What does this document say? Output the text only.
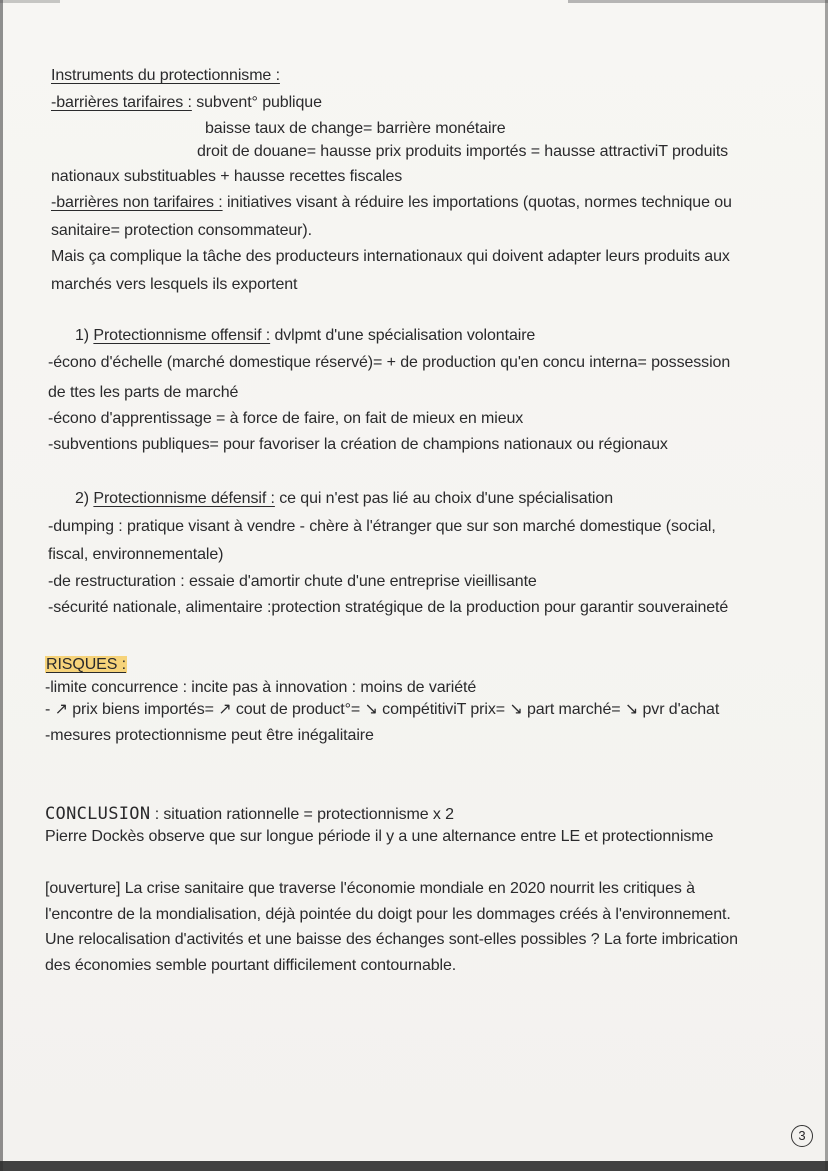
Instruments du protectionnisme :
-barrières tarifaires : subvent° publique
baisse taux de change= barrière monétaire
droit de douane= hausse prix produits importés = hausse attractiviT produits
nationaux substituables + hausse recettes fiscales
-barrières non tarifaires : initiatives visant à réduire les importations (quotas, normes technique ou
sanitaire= protection consommateur).
Mais ça complique la tâche des producteurs internationaux qui doivent adapter leurs produits aux
marchés vers lesquels ils exportent
1) Protectionnisme offensif : dvlpmt d'une spécialisation volontaire
-écono d'échelle (marché domestique réservé)= + de production qu'en concu interna= possession
de ttes les parts de marché
-écono d'apprentissage = à force de faire, on fait de mieux en mieux
-subventions publiques= pour favoriser la création de champions nationaux ou régionaux
2) Protectionnisme défensif : ce qui n'est pas lié au choix d'une spécialisation
-dumping : pratique visant à vendre - chère à l'étranger que sur son marché domestique (social,
fiscal, environnementale)
-de restructuration : essaie d'amortir chute d'une entreprise vieillisante
-sécurité nationale, alimentaire :protection stratégique de la production pour garantir souveraineté
RISQUES :
-limite concurrence : incite pas à innovation : moins de variété
- ↗ prix biens importés= ↗ cout de product°= ↘ compétitiviT prix= ↘ part marché= ↘ pvr d'achat
-mesures protectionnisme peut être inégalitaire
CONCLUSION : situation rationnelle = protectionnisme x 2
Pierre Dockès observe que sur longue période il y a une alternance entre LE et protectionnisme
[ouverture] La crise sanitaire que traverse l'économie mondiale en 2020 nourrit les critiques à
l'encontre de la mondialisation, déjà pointée du doigt pour les dommages créés à l'environnement.
Une relocalisation d'activités et une baisse des échanges sont-elles possibles ? La forte imbrication
des économies semble pourtant difficilement contournable.
3
